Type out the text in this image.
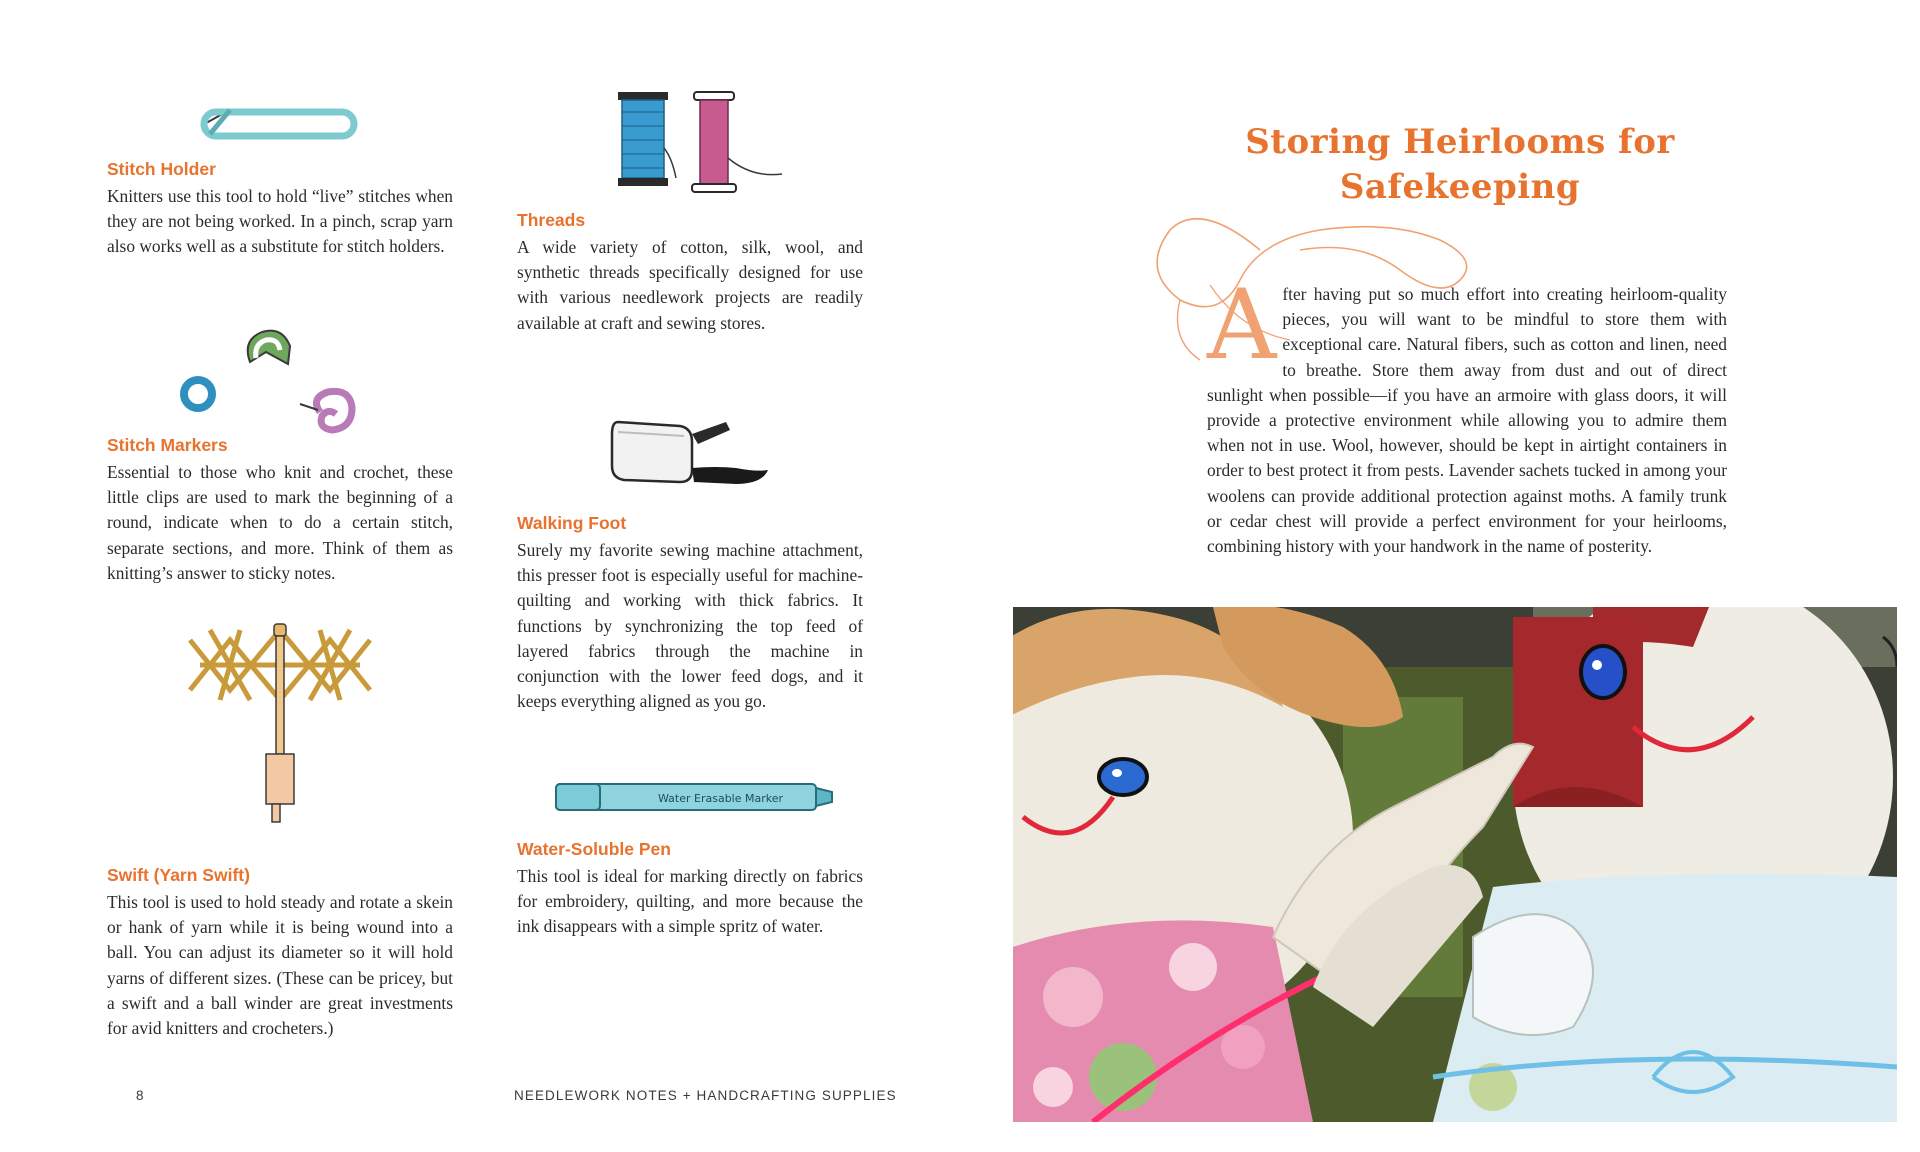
Stitch Holder

Knitters use this tool to hold “live” stitches when they are not being worked. In a pinch, scrap yarn also works well as a substitute for stitch holders.

Stitch Markers

Essential to those who knit and crochet, these little clips are used to mark the beginning of a round, indicate when to do a certain stitch, separate sections, and more. Think of them as knitting’s answer to sticky notes.

Swift (Yarn Swift)

This tool is used to hold steady and rotate a skein or hank of yarn while it is being wound into a ball. You can adjust its diameter so it will hold yarns of different sizes. (These can be pricey, but a swift and a ball winder are great investments for avid knitters and crocheters.)

Threads

A wide variety of cotton, silk, wool, and synthetic threads specifically designed for use with various needlework projects are readily available at craft and sewing stores.

Walking Foot

Surely my favorite sewing machine attachment, this presser foot is especially useful for machine-quilting and working with thick fabrics. It functions by synchronizing the top feed of layered fabrics through the machine in conjunction with the lower feed dogs, and it keeps everything aligned as you go.

Water Erasable Marker
Water-Soluble Pen

This tool is ideal for marking directly on fabrics for embroidery, quilting, and more because the ink disappears with a simple spritz of water.

8	NEEDLEWORK NOTES + HANDCRAFTING SUPPLIES
Storing Heirlooms for
Safekeeping

After having put so much effort into creating heirloom-quality pieces, you will want to be mindful to store them with exceptional care. Natural fibers, such as cotton and linen, need to breathe. Store them away from dust and out of direct sunlight when possible—if you have an armoire with glass doors, it will provide a protective environment while allowing you to admire them when not in use. Wool, however, should be kept in airtight containers in order to best protect it from pests. Lavender sachets tucked in among your woolens can provide additional protection against moths. A family trunk or cedar chest will provide a perfect environment for your heirlooms, combining history with your handwork in the name of posterity.
